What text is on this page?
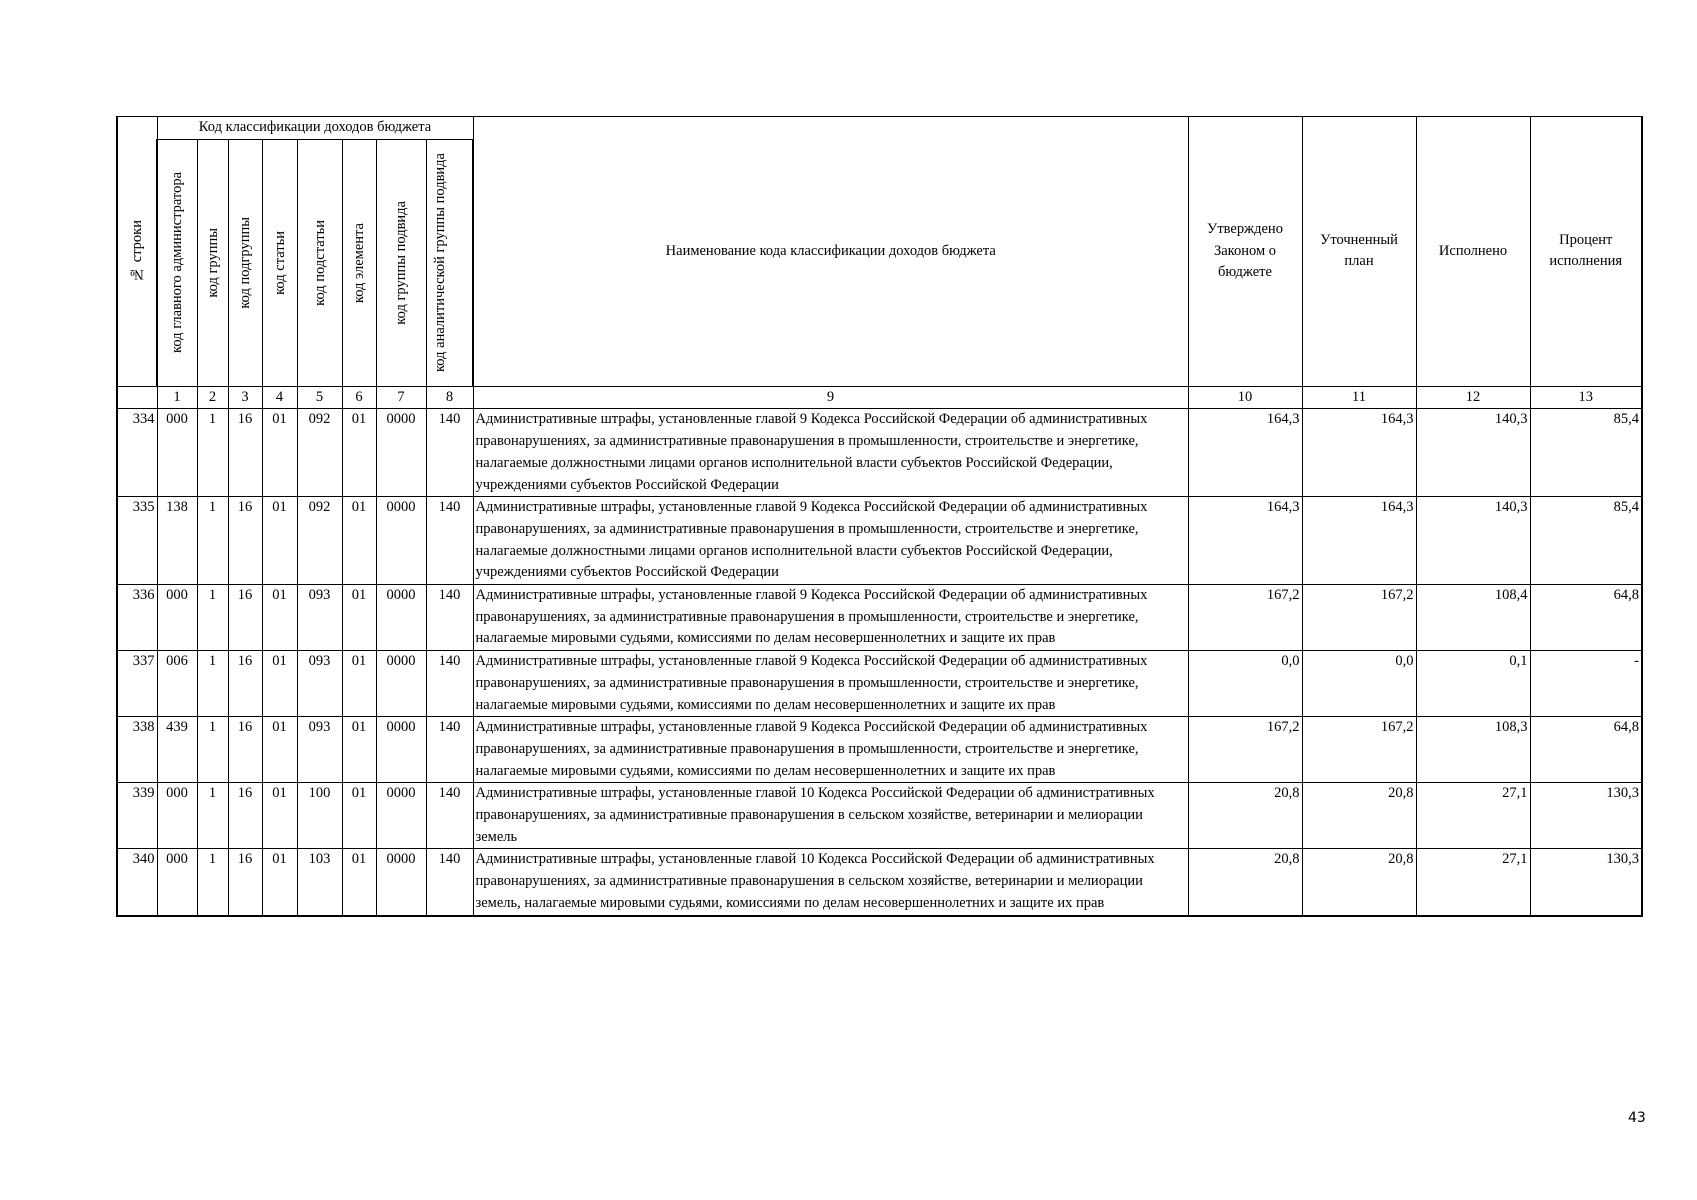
№ строки	Код классификации доходов бюджета								Наименование кода классификации доходов бюджета	Утверждено Законом о бюджете	Уточненный план	Исполнено	Процент исполнения

	код главного администратора	код группы	код подгруппы	код статьи	код подстатьи	код элемента	код группы подвида	код аналитической группы подвида					

	1	2	3	4	5	6	7	8	9	10	11	12	13
334	000	1	16	01	092	01	0000	140	Административные штрафы, установленные главой 9 Кодекса Российской Федерации об административных правонарушениях, за административные правонарушения в промышленности, строительстве и энергетике, налагаемые должностными лицами органов исполнительной власти субъектов Российской Федерации, учреждениями субъектов Российской Федерации	164,3	164,3	140,3	85,4
335	138	1	16	01	092	01	0000	140	Административные штрафы, установленные главой 9 Кодекса Российской Федерации об административных правонарушениях, за административные правонарушения в промышленности, строительстве и энергетике, налагаемые должностными лицами органов исполнительной власти субъектов Российской Федерации, учреждениями субъектов Российской Федерации	164,3	164,3	140,3	85,4
336	000	1	16	01	093	01	0000	140	Административные штрафы, установленные главой 9 Кодекса Российской Федерации об административных правонарушениях, за административные правонарушения в промышленности, строительстве и энергетике, налагаемые мировыми судьями, комиссиями по делам несовершеннолетних и защите их прав	167,2	167,2	108,4	64,8
337	006	1	16	01	093	01	0000	140	Административные штрафы, установленные главой 9 Кодекса Российской Федерации об административных правонарушениях, за административные правонарушения в промышленности, строительстве и энергетике, налагаемые мировыми судьями, комиссиями по делам несовершеннолетних и защите их прав	0,0	0,0	0,1	-
338	439	1	16	01	093	01	0000	140	Административные штрафы, установленные главой 9 Кодекса Российской Федерации об административных правонарушениях, за административные правонарушения в промышленности, строительстве и энергетике, налагаемые мировыми судьями, комиссиями по делам несовершеннолетних и защите их прав	167,2	167,2	108,3	64,8
339	000	1	16	01	100	01	0000	140	Административные штрафы, установленные главой 10 Кодекса Российской Федерации об административных правонарушениях, за административные правонарушения в сельском хозяйстве, ветеринарии и мелиорации земель	20,8	20,8	27,1	130,3
340	000	1	16	01	103	01	0000	140	Административные штрафы, установленные главой 10 Кодекса Российской Федерации об административных правонарушениях, за административные правонарушения в сельском хозяйстве, ветеринарии и мелиорации земель, налагаемые мировыми судьями, комиссиями по делам несовершеннолетних и защите их прав	20,8	20,8	27,1	130,3
43
